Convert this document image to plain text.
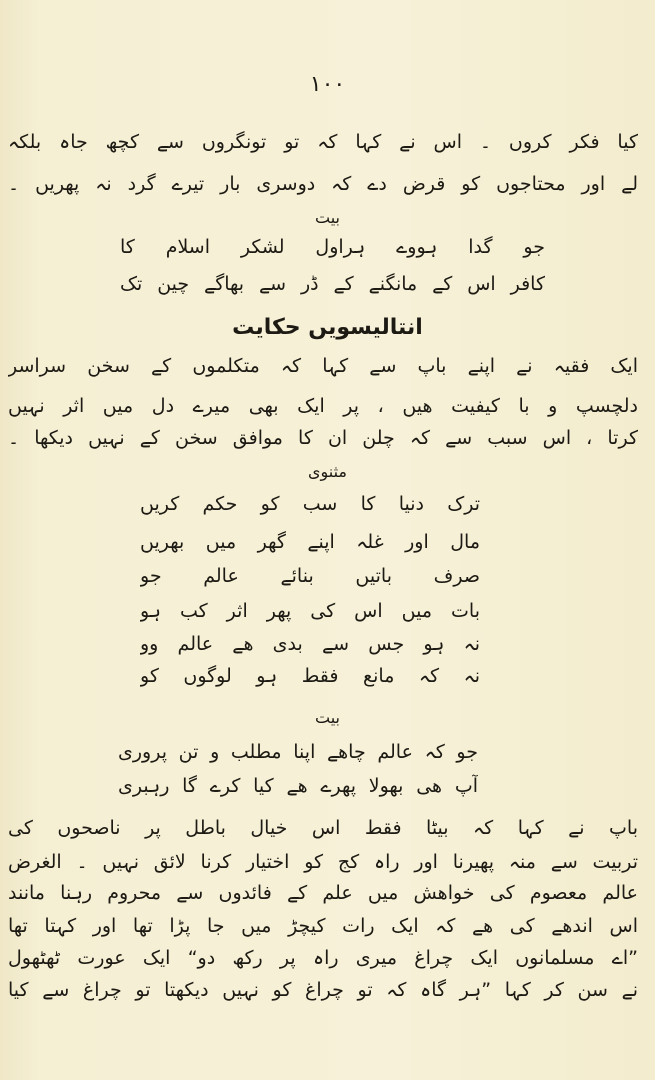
۱۰۰
کیا فکر کروں ۔ اس نے کہا کہ تو تونگروں سے کچھ جاہ بلکہ
لے اور محتاجوں کو قرض دے کہ دوسری بار تیرے گرد نہ پھریں ۔
بیت
جو گدا ہووے ہراول لشکر اسلام کا
کافر اس کے مانگنے کے ڈر سے بھاگے چین تک
انتالیسویں حکایت
ایک فقیہ نے اپنے باپ سے کہا کہ متکلموں کے سخن سراسر
دلچسپ و با کیفیت ھیں ، پر ایک بھی میرے دل میں اثر نہیں
کرتا ، اس سبب سے کہ چلن ان کا موافق سخن کے نہیں دیکھا ۔
مثنوی
ترک دنیا کا سب کو حکم کریں
مال اور غلہ اپنے گھر میں بھریں
صرف باتیں بنائے عالم جو
بات میں اس کی پھر اثر کب ہو
نہ ہو جس سے بدی ھے عالم وو
نہ کہ مانع فقط ہو لوگوں کو
بیت
جو کہ عالم چاھے اپنا مطلب و تن پروری
آپ ھی بھولا پھرے ھے کیا کرے گا رہبری
باپ نے کہا کہ بیٹا فقط اس خیال باطل پر ناصحوں کی
تربیت سے منہ پھیرنا اور راہ کج کو اختیار کرنا لائق نہیں ۔ الغرض
عالم معصوم کی خواھش میں علم کے فائدوں سے محروم رہنا مانند
اس اندھے کی ھے کہ ایک رات کیچڑ میں جا پڑا تھا اور کہتا تھا
”اے مسلمانوں ایک چراغ میری راہ پر رکھ دو“ ایک عورت ٹھٹھول
نے سن کر کہا ”ہر گاہ کہ تو چراغ کو نہیں دیکھتا تو چراغ سے کیا
